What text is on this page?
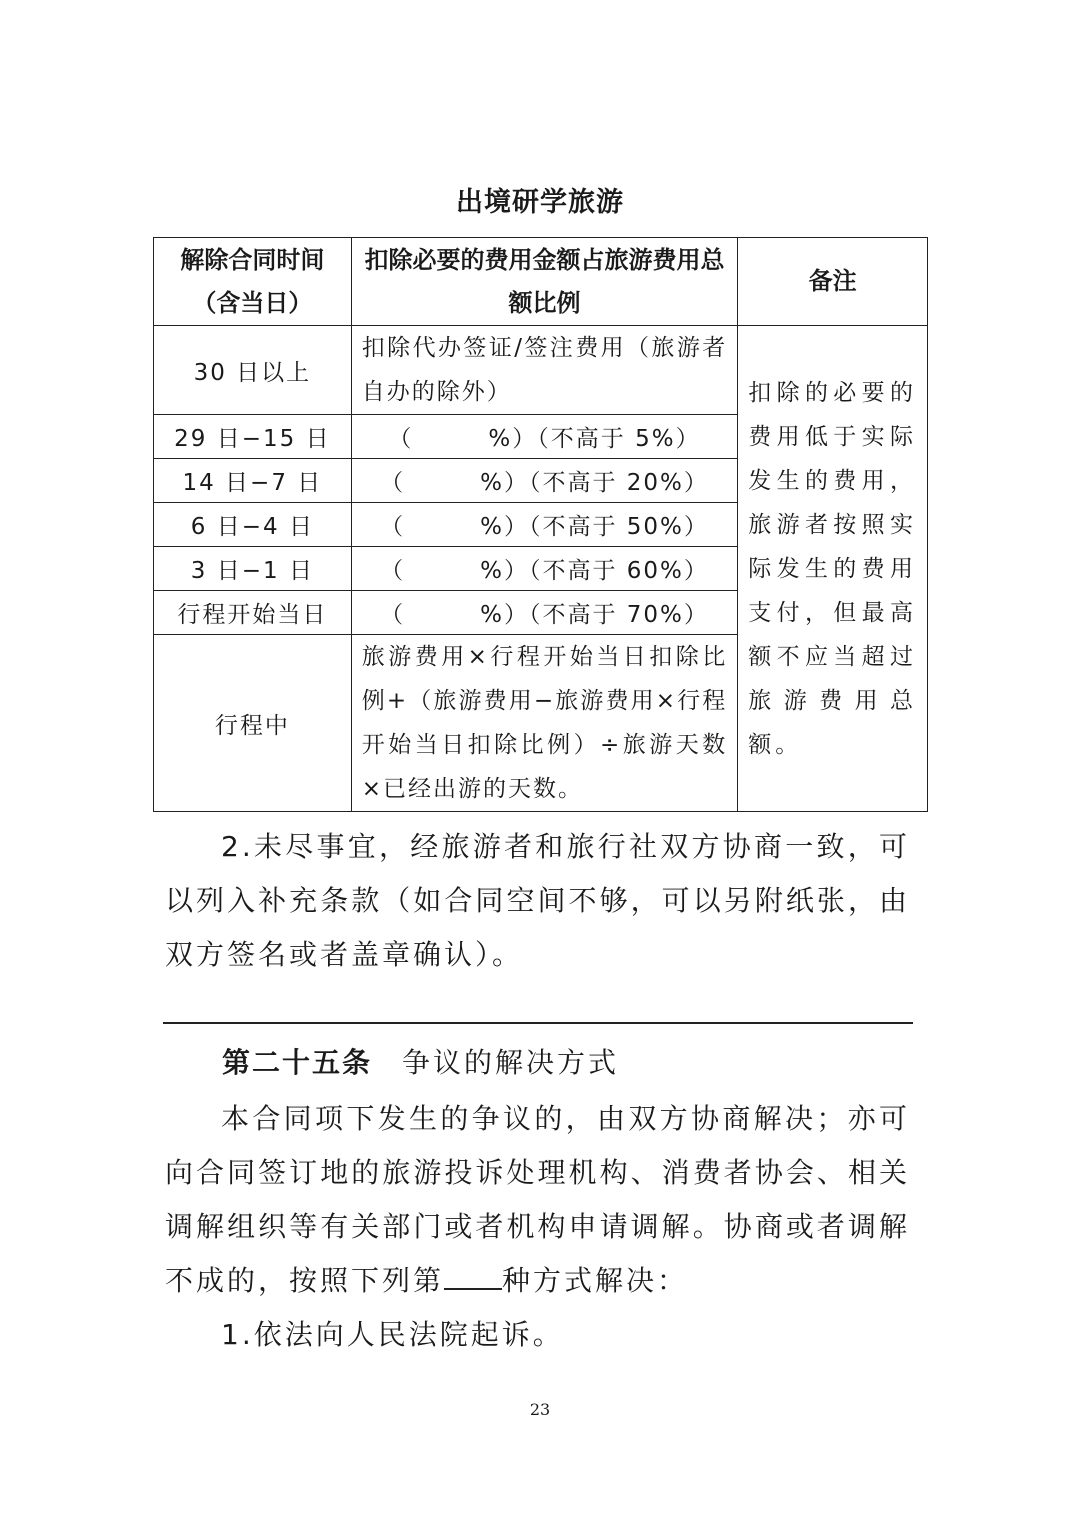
出境研学旅游
解除合同时间（含当日）	扣除必要的费用金额占旅游费用总额比例	备注
30 日以上	扣除代办签证/签注费用（旅游者自办的除外）	扣除的必要的费用低于实际发生的费用，旅游者按照实际发生的费用支付，但最高额不应当超过旅游费用总额。
29 日−15 日	（　　　%）（不高于 5%）	
14 日−7 日	（　　　%）（不高于 20%）	
6 日−4 日	（　　　%）（不高于 50%）	
3 日−1 日	（　　　%）（不高于 60%）	
行程开始当日	（　　　%）（不高于 70%）	
行程中	旅游费用×行程开始当日扣除比例+（旅游费用−旅游费用×行程开始当日扣除比例）÷旅游天数×已经出游的天数。	
2.未尽事宜，经旅游者和旅行社双方协商一致，可以列入补充条款（如合同空间不够，可以另附纸张，由双方签名或者盖章确认）。
第二十五条 争议的解决方式
本合同项下发生的争议的，由双方协商解决；亦可向合同签订地的旅游投诉处理机构、消费者协会、相关调解组织等有关部门或者机构申请调解。协商或者调解不成的，按照下列第 种方式解决：
1.依法向人民法院起诉。
23
